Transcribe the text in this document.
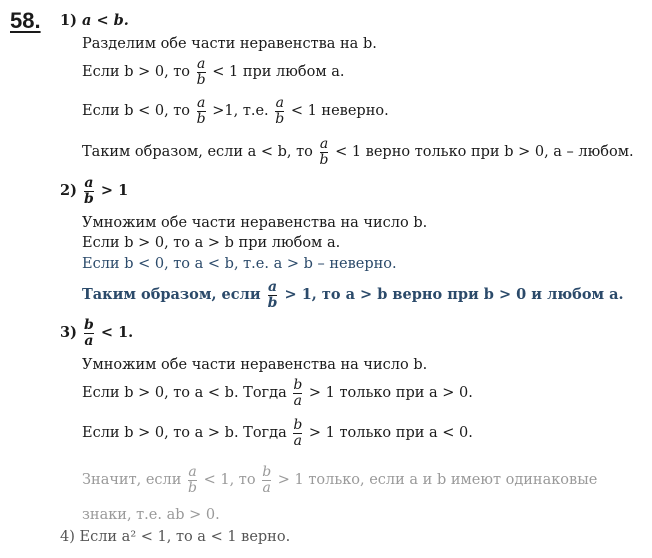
58. 1) a < b.
Разделим обе части неравенства на b.
Если b > 0, то $\frac{a}{b} < 1$ при любом a.
Если b < 0, то $\frac{a}{b} >1$, т.е. $\frac{a}{b} < 1$ неверно.
Таким образом, если a < b, то $\frac{a}{b} < 1$ верно только при b > 0, a – любом.
$2) \frac{a}{b} > 1$
Умножим обе части неравенства на число b.
Если b > 0, то a > b при любом a.
Если b < 0, то a < b, т.е. a > b – неверно.
Таким образом, если $\frac{a}{b} > 1$, то a > b верно при b > 0 и любом a.
$3) \frac{b}{a} < 1$.
Умножим обе части неравенства на число b.
Если b > 0, то a < b. Тогда $\frac{b}{a} > 1$ только при a > 0.
Если b > 0, то a > b. Тогда $\frac{b}{a} > 1$ только при a < 0.
Значит, если $\frac{a}{b} < 1$, то $\frac{b}{a} > 1$ только, если a и b имеют одинаковые
знаки, т.е. ab > 0.
4) Если a² < 1, то a < 1 верно.
